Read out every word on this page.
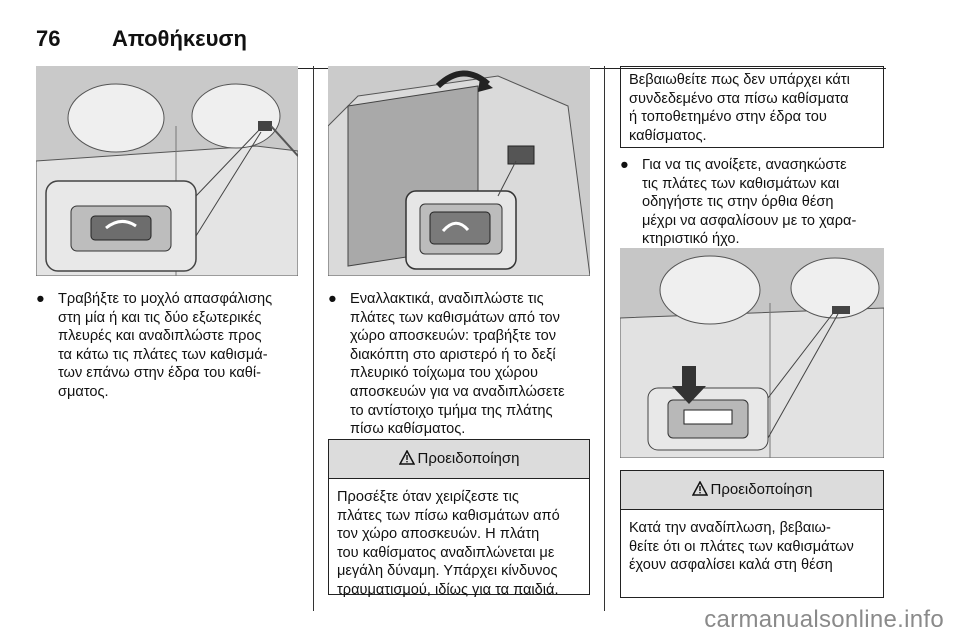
76 Αποθήκευση
● Τραβήξτε το μοχλό απασφάλισης
στη μία ή και τις δύο εξωτερικές
πλευρές και αναδιπλώστε προς
τα κάτω τις πλάτες των καθισμά-
των επάνω στην έδρα του καθί-
σματος.
● Εναλλακτικά, αναδιπλώστε τις
πλάτες των καθισμάτων από τον
χώρο αποσκευών: τραβήξτε τον
διακόπτη στο αριστερό ή το δεξί
πλευρικό τοίχωμα του χώρου
αποσκευών για να αναδιπλώσετε
το αντίστοιχο τμήμα της πλάτης
πίσω καθίσματος.
Προειδοποίηση
Προσέξτε όταν χειρίζεστε τις
πλάτες των πίσω καθισμάτων από
τον χώρο αποσκευών. Η πλάτη
του καθίσματος αναδιπλώνεται με
μεγάλη δύναμη. Υπάρχει κίνδυνος
τραυματισμού, ιδίως για τα παιδιά.
Βεβαιωθείτε πως δεν υπάρχει κάτι
συνδεδεμένο στα πίσω καθίσματα
ή τοποθετημένο στην έδρα του
καθίσματος.
● Για να τις ανοίξετε, ανασηκώστε
τις πλάτες των καθισμάτων και
οδηγήστε τις στην όρθια θέση
μέχρι να ασφαλίσουν με το χαρα-
κτηριστικό ήχο.
Προειδοποίηση
Κατά την αναδίπλωση, βεβαιω-
θείτε ότι οι πλάτες των καθισμάτων
έχουν ασφαλίσει καλά στη θέση
carmanualsonline.info
